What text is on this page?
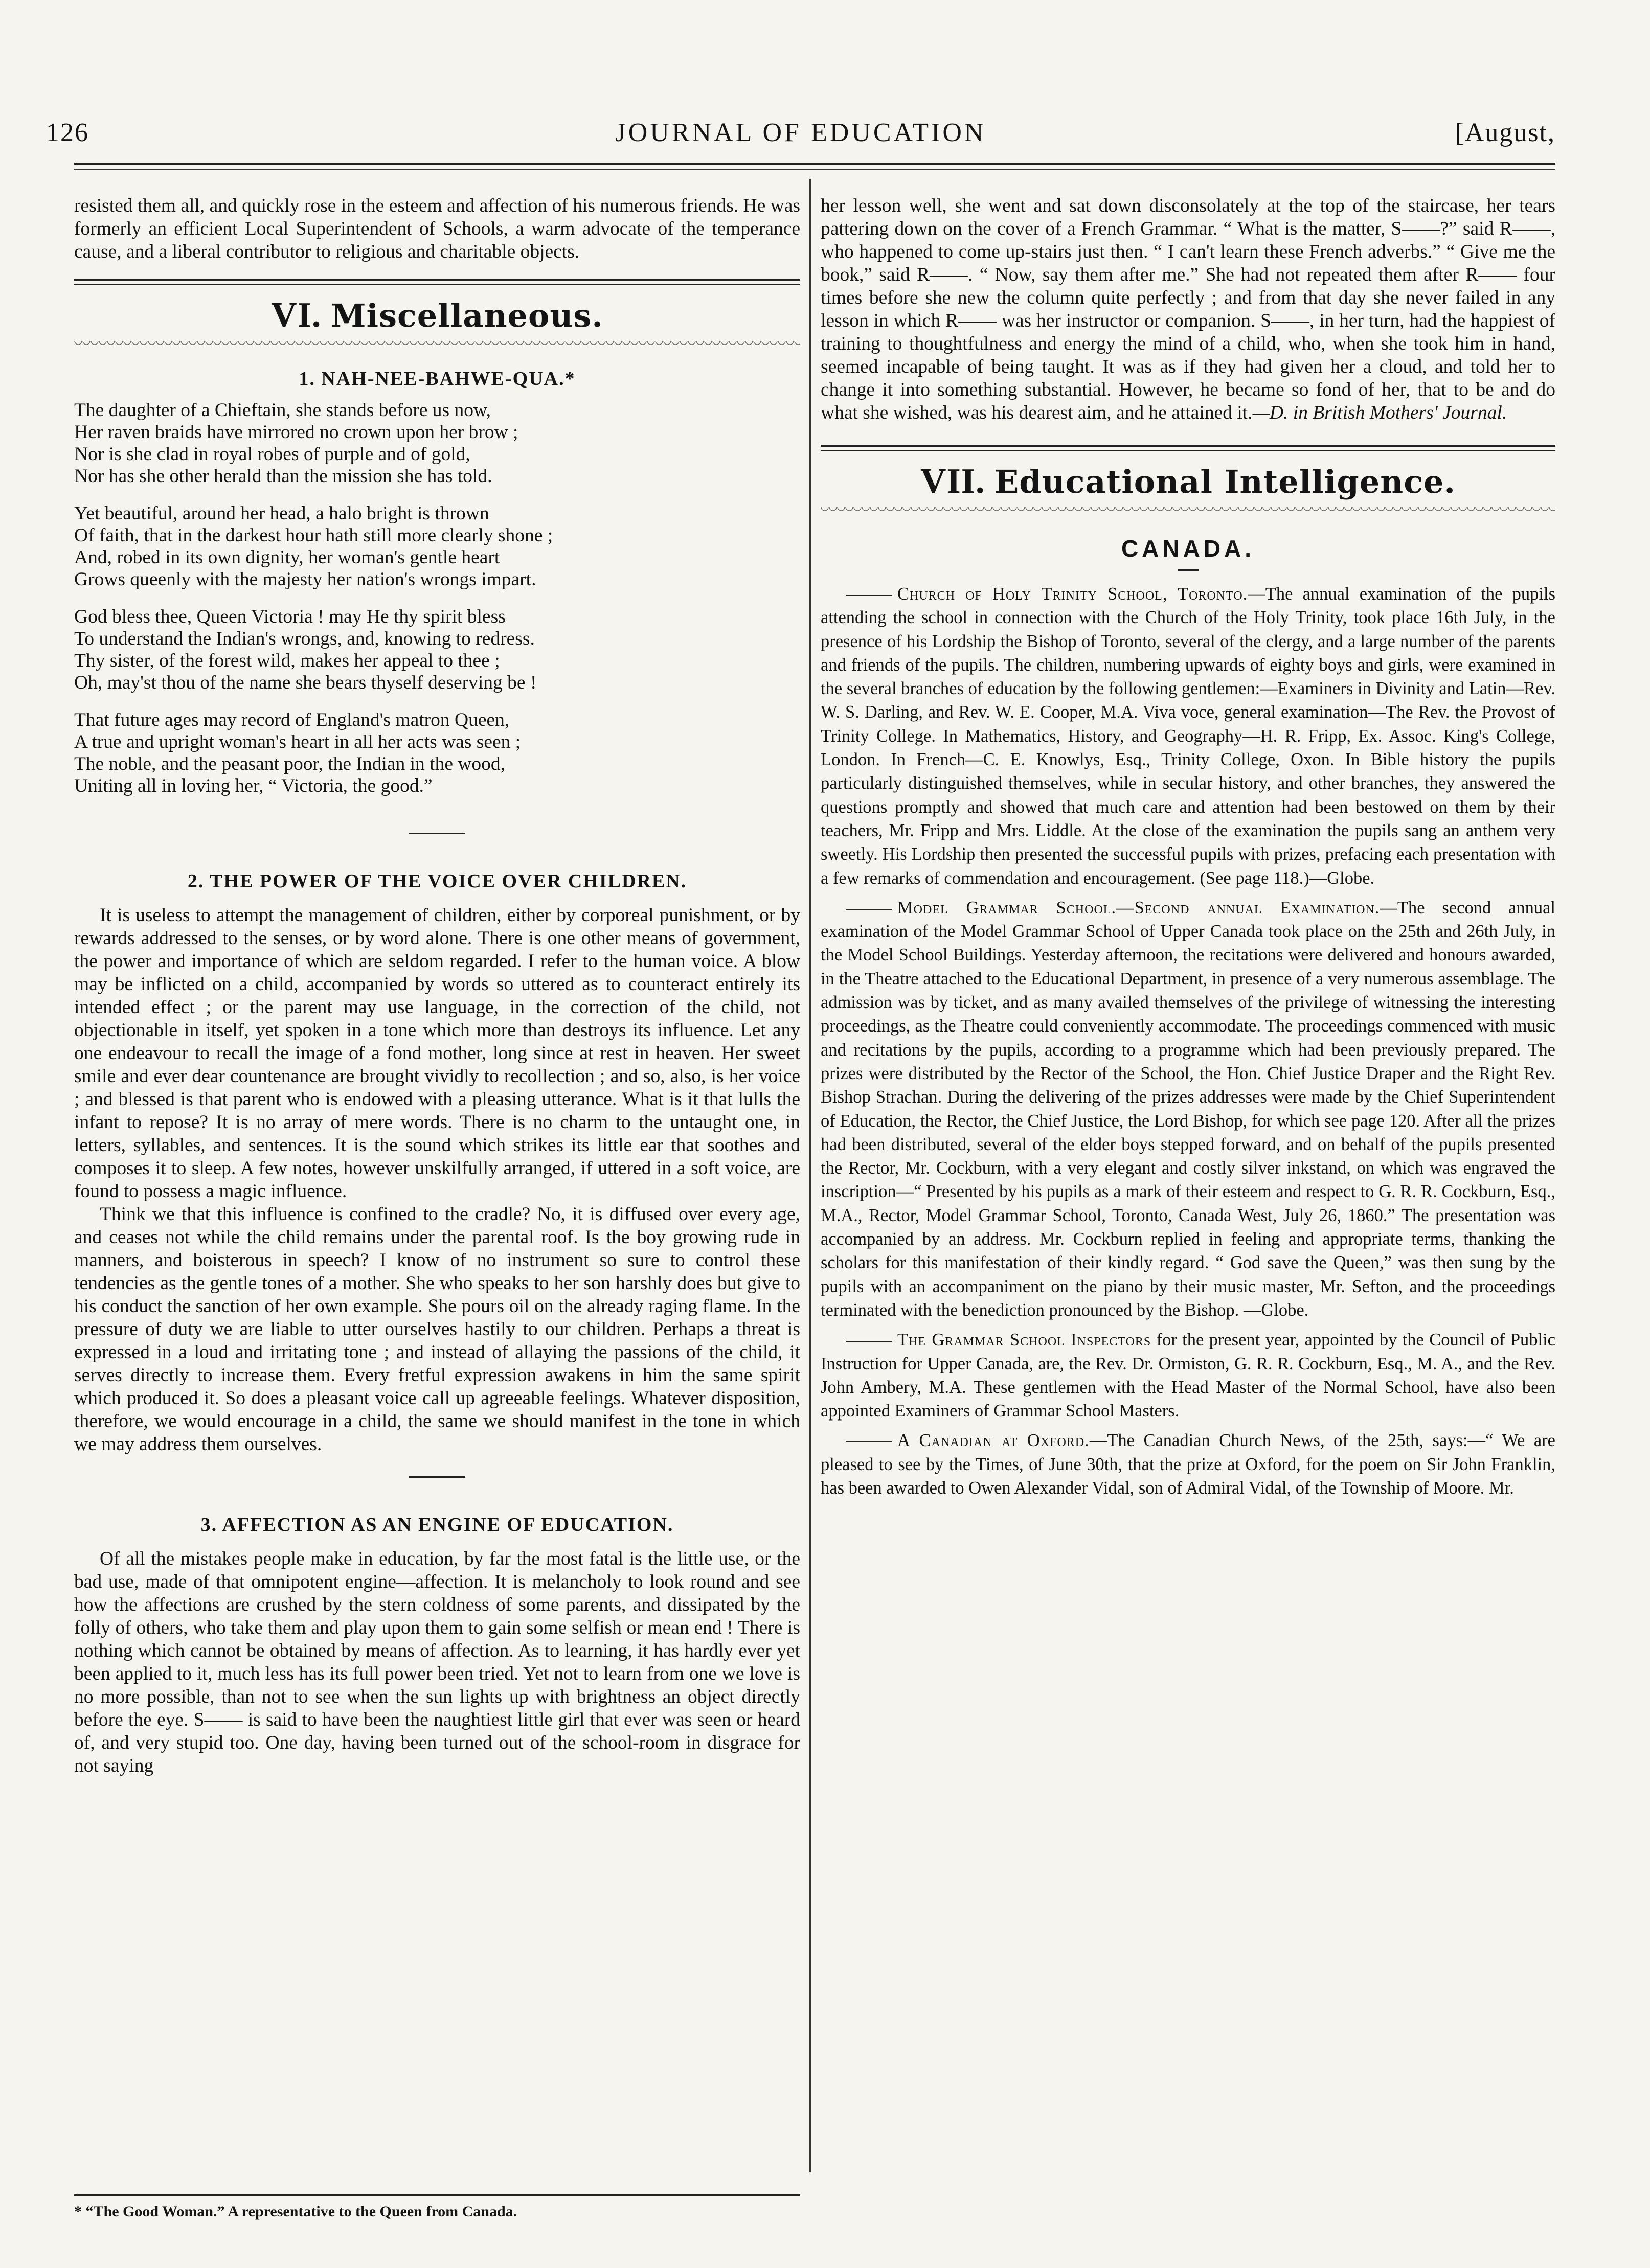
126	JOURNAL OF EDUCATION	[August,

resisted them all, and quickly rose in the esteem and affection of his numerous friends. He was formerly an efficient Local Superintendent of Schools, a warm advocate of the temperance cause, and a liberal contributor to religious and charitable objects.

VI. Miscellaneous.
1. NAH-NEE-BAHWE-QUA.*
The daughter of a Chieftain, she stands before us now,
Her raven braids have mirrored no crown upon her brow ;
Nor is she clad in royal robes of purple and of gold,
Nor has she other herald than the mission she has told.
Yet beautiful, around her head, a halo bright is thrown
Of faith, that in the darkest hour hath still more clearly shone ;
And, robed in its own dignity, her woman's gentle heart
Grows queenly with the majesty her nation's wrongs impart.
God bless thee, Queen Victoria ! may He thy spirit bless
To understand the Indian's wrongs, and, knowing to redress.
Thy sister, of the forest wild, makes her appeal to thee ;
Oh, may'st thou of the name she bears thyself deserving be !
That future ages may record of England's matron Queen,
A true and upright woman's heart in all her acts was seen ;
The noble, and the peasant poor, the Indian in the wood,
Uniting all in loving her, “ Victoria, the good.”
2. THE POWER OF THE VOICE OVER CHILDREN.

It is useless to attempt the management of children, either by corporeal punishment, or by rewards addressed to the senses, or by word alone. There is one other means of government, the power and importance of which are seldom regarded. I refer to the human voice. A blow may be inflicted on a child, accompanied by words so uttered as to counteract entirely its intended effect ; or the parent may use language, in the correction of the child, not objectionable in itself, yet spoken in a tone which more than destroys its influence. Let any one endeavour to recall the image of a fond mother, long since at rest in heaven. Her sweet smile and ever dear countenance are brought vividly to recollection ; and so, also, is her voice ; and blessed is that parent who is endowed with a pleasing utterance. What is it that lulls the infant to repose? It is no array of mere words. There is no charm to the untaught one, in letters, syllables, and sentences. It is the sound which strikes its little ear that soothes and composes it to sleep. A few notes, however unskilfully arranged, if uttered in a soft voice, are found to possess a magic influence.

Think we that this influence is confined to the cradle? No, it is diffused over every age, and ceases not while the child remains under the parental roof. Is the boy growing rude in manners, and boisterous in speech? I know of no instrument so sure to control these tendencies as the gentle tones of a mother. She who speaks to her son harshly does but give to his conduct the sanction of her own example. She pours oil on the already raging flame. In the pressure of duty we are liable to utter ourselves hastily to our children. Perhaps a threat is expressed in a loud and irritating tone ; and instead of allaying the passions of the child, it serves directly to increase them. Every fretful expression awakens in him the same spirit which produced it. So does a pleasant voice call up agreeable feelings. Whatever disposition, therefore, we would encourage in a child, the same we should manifest in the tone in which we may address them ourselves.

3. AFFECTION AS AN ENGINE OF EDUCATION.

Of all the mistakes people make in education, by far the most fatal is the little use, or the bad use, made of that omnipotent engine—affection. It is melancholy to look round and see how the affections are crushed by the stern coldness of some parents, and dissipated by the folly of others, who take them and play upon them to gain some selfish or mean end ! There is nothing which cannot be obtained by means of affection. As to learning, it has hardly ever yet been applied to it, much less has its full power been tried. Yet not to learn from one we love is no more possible, than not to see when the sun lights up with brightness an object directly before the eye. S—— is said to have been the naughtiest little girl that ever was seen or heard of, and very stupid too. One day, having been turned out of the school-room in disgrace for not saying

* “The Good Woman.” A representative to the Queen from Canada.

her lesson well, she went and sat down disconsolately at the top of the staircase, her tears pattering down on the cover of a French Grammar. “ What is the matter, S——?” said R——, who happened to come up-stairs just then. “ I can't learn these French adverbs.” “ Give me the book,” said R——. “ Now, say them after me.” She had not repeated them after R—— four times before she new the column quite perfectly ; and from that day she never failed in any lesson in which R—— was her instructor or companion. S——, in her turn, had the happiest of training to thoughtfulness and energy the mind of a child, who, when she took him in hand, seemed incapable of being taught. It was as if they had given her a cloud, and told her to change it into something substantial. However, he became so fond of her, that to be and do what she wished, was his dearest aim, and he attained it.—D. in British Mothers' Journal.

VII. Educational Intelligence.
CANADA.

Church of Holy Trinity School, Toronto.—The annual examination of the pupils attending the school in connection with the Church of the Holy Trinity, took place 16th July, in the presence of his Lordship the Bishop of Toronto, several of the clergy, and a large number of the parents and friends of the pupils. The children, numbering upwards of eighty boys and girls, were examined in the several branches of education by the following gentlemen:—Examiners in Divinity and Latin—Rev. W. S. Darling, and Rev. W. E. Cooper, M.A. Viva voce, general examination—The Rev. the Provost of Trinity College. In Mathematics, History, and Geography—H. R. Fripp, Ex. Assoc. King's College, London. In French—C. E. Knowlys, Esq., Trinity College, Oxon. In Bible history the pupils particularly distinguished themselves, while in secular history, and other branches, they answered the questions promptly and showed that much care and attention had been bestowed on them by their teachers, Mr. Fripp and Mrs. Liddle. At the close of the examination the pupils sang an anthem very sweetly. His Lordship then presented the successful pupils with prizes, prefacing each presentation with a few remarks of commendation and encouragement. (See page 118.)—Globe.

Model Grammar School.—Second annual Examination.—The second annual examination of the Model Grammar School of Upper Canada took place on the 25th and 26th July, in the Model School Buildings. Yesterday afternoon, the recitations were delivered and honours awarded, in the Theatre attached to the Educational Department, in presence of a very numerous assemblage. The admission was by ticket, and as many availed themselves of the privilege of witnessing the interesting proceedings, as the Theatre could conveniently accommodate. The proceedings commenced with music and recitations by the pupils, according to a programme which had been previously prepared. The prizes were distributed by the Rector of the School, the Hon. Chief Justice Draper and the Right Rev. Bishop Strachan. During the delivering of the prizes addresses were made by the Chief Superintendent of Education, the Rector, the Chief Justice, the Lord Bishop, for which see page 120. After all the prizes had been distributed, several of the elder boys stepped forward, and on behalf of the pupils presented the Rector, Mr. Cockburn, with a very elegant and costly silver inkstand, on which was engraved the inscription—“ Presented by his pupils as a mark of their esteem and respect to G. R. R. Cockburn, Esq., M.A., Rector, Model Grammar School, Toronto, Canada West, July 26, 1860.” The presentation was accompanied by an address. Mr. Cockburn replied in feeling and appropriate terms, thanking the scholars for this manifestation of their kindly regard. “ God save the Queen,” was then sung by the pupils with an accompaniment on the piano by their music master, Mr. Sefton, and the proceedings terminated with the benediction pronounced by the Bishop. —Globe.

The Grammar School Inspectors for the present year, appointed by the Council of Public Instruction for Upper Canada, are, the Rev. Dr. Ormiston, G. R. R. Cockburn, Esq., M. A., and the Rev. John Ambery, M.A. These gentlemen with the Head Master of the Normal School, have also been appointed Examiners of Grammar School Masters.

A Canadian at Oxford.—The Canadian Church News, of the 25th, says:—“ We are pleased to see by the Times, of June 30th, that the prize at Oxford, for the poem on Sir John Franklin, has been awarded to Owen Alexander Vidal, son of Admiral Vidal, of the Township of Moore. Mr.
